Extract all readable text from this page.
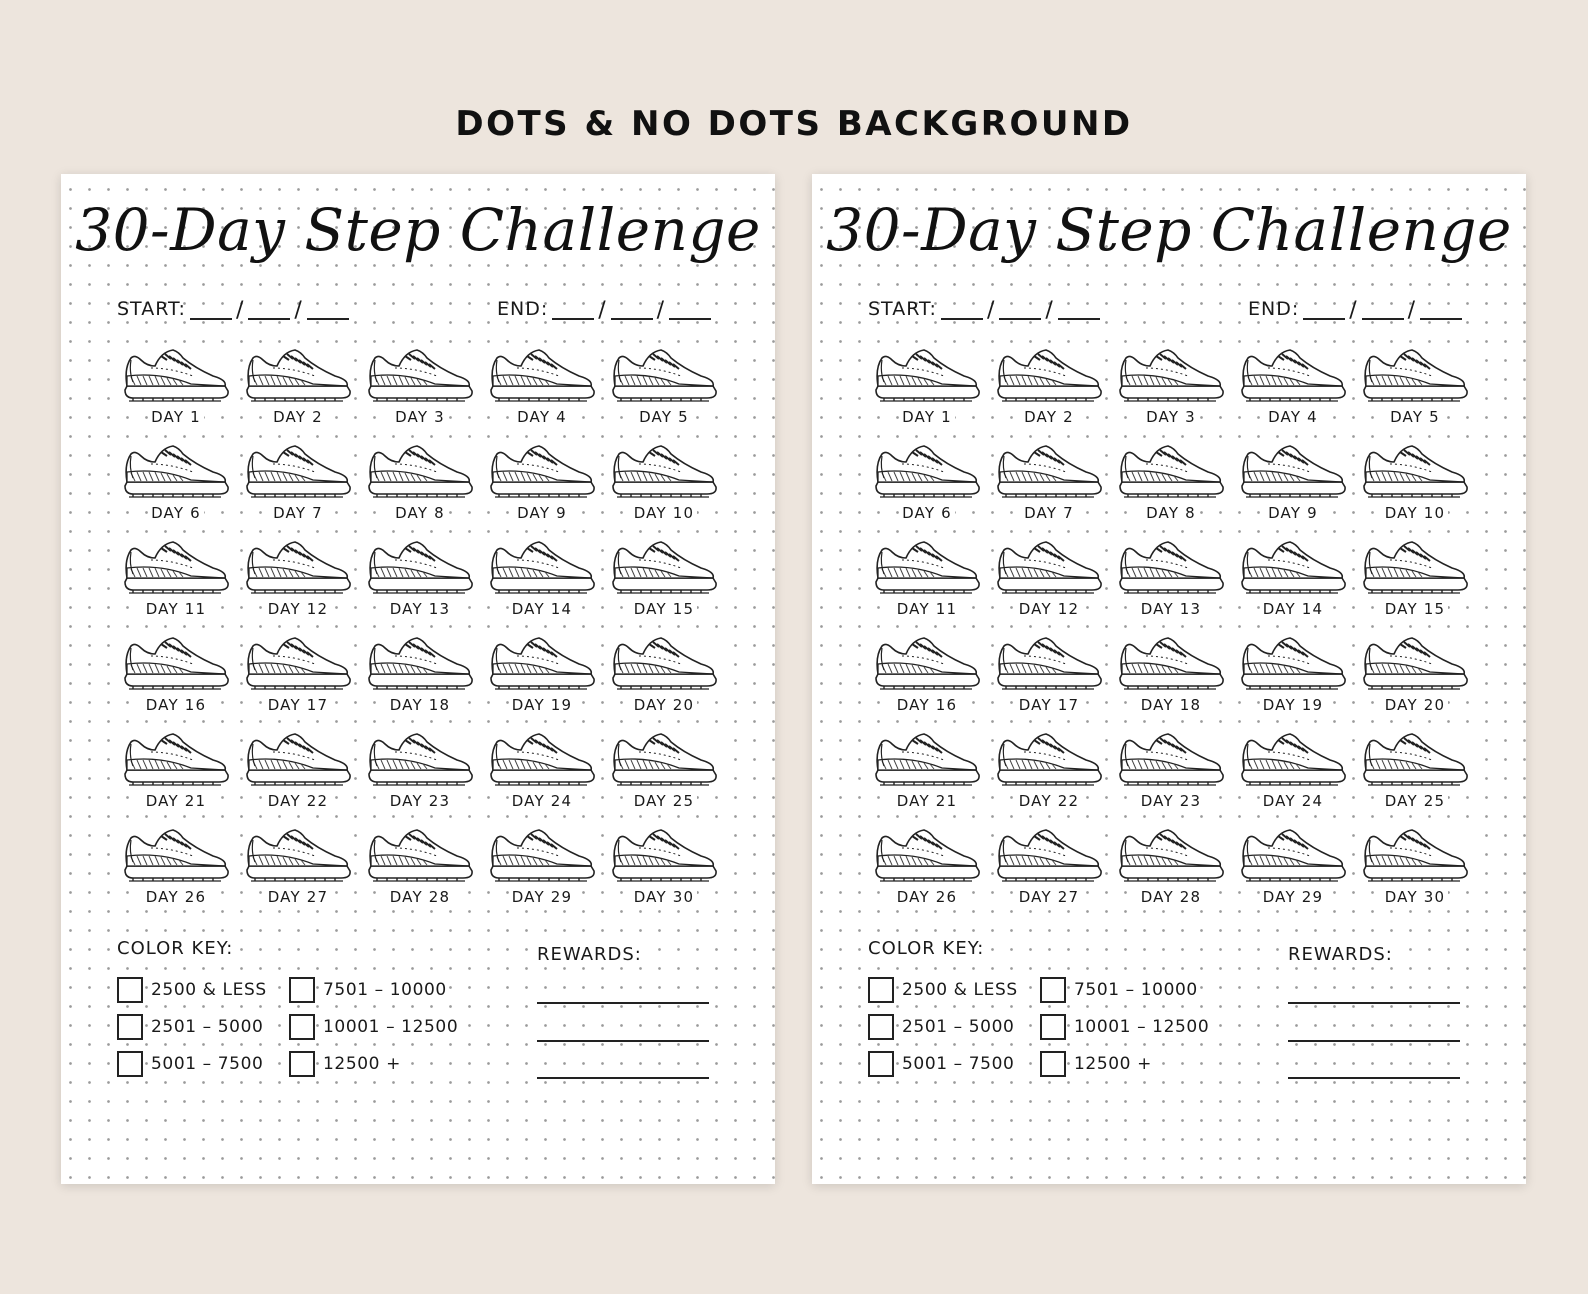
DOTS & NO DOTS BACKGROUND
30-Day Step Challenge
START: / /	END: / /
DAY 1	DAY 2	DAY 3	DAY 4	DAY 5
DAY 6	DAY 7	DAY 8	DAY 9	DAY 10
DAY 11	DAY 12	DAY 13	DAY 14	DAY 15
DAY 16	DAY 17	DAY 18	DAY 19	DAY 20
DAY 21	DAY 22	DAY 23	DAY 24	DAY 25
DAY 26	DAY 27	DAY 28	DAY 29	DAY 30
COLOR KEY:
2500 & LESS
2501 – 5000
5001 – 7500
7501 – 10000
10001 – 12500
12500 +
REWARDS:
30-Day Step Challenge
START: / /	END: / /
DAY 1	DAY 2	DAY 3	DAY 4	DAY 5
DAY 6	DAY 7	DAY 8	DAY 9	DAY 10
DAY 11	DAY 12	DAY 13	DAY 14	DAY 15
DAY 16	DAY 17	DAY 18	DAY 19	DAY 20
DAY 21	DAY 22	DAY 23	DAY 24	DAY 25
DAY 26	DAY 27	DAY 28	DAY 29	DAY 30
COLOR KEY:
2500 & LESS
2501 – 5000
5001 – 7500
7501 – 10000
10001 – 12500
12500 +
REWARDS:
